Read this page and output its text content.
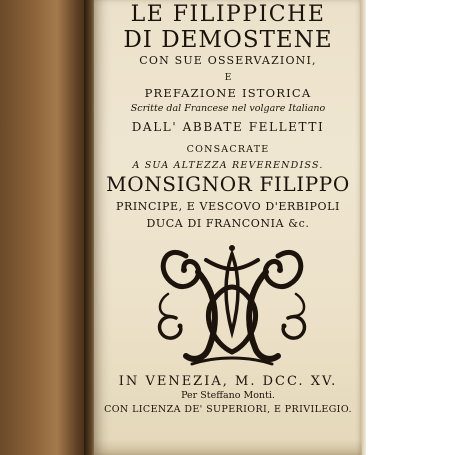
LE FILIPPICHE
DI DEMOSTENE
CON SUE OSSERVAZIONI,
E
PREFAZIONE ISTORICA
Scritte dal Francese nel volgare Italiano
DALL' ABBATE FELLETTI
CONSACRATE
A SUA ALTEZZA REVERENDISS.
MONSIGNOR FILIPPO
PRINCIPE, E VESCOVO D'ERBIPOLI
DUCA DI FRANCONIA &c.
IN VENEZIA, M. DCC. XV.
Per Steffano Monti.
CON LICENZA DE' SUPERIORI, E PRIVILEGIO.
